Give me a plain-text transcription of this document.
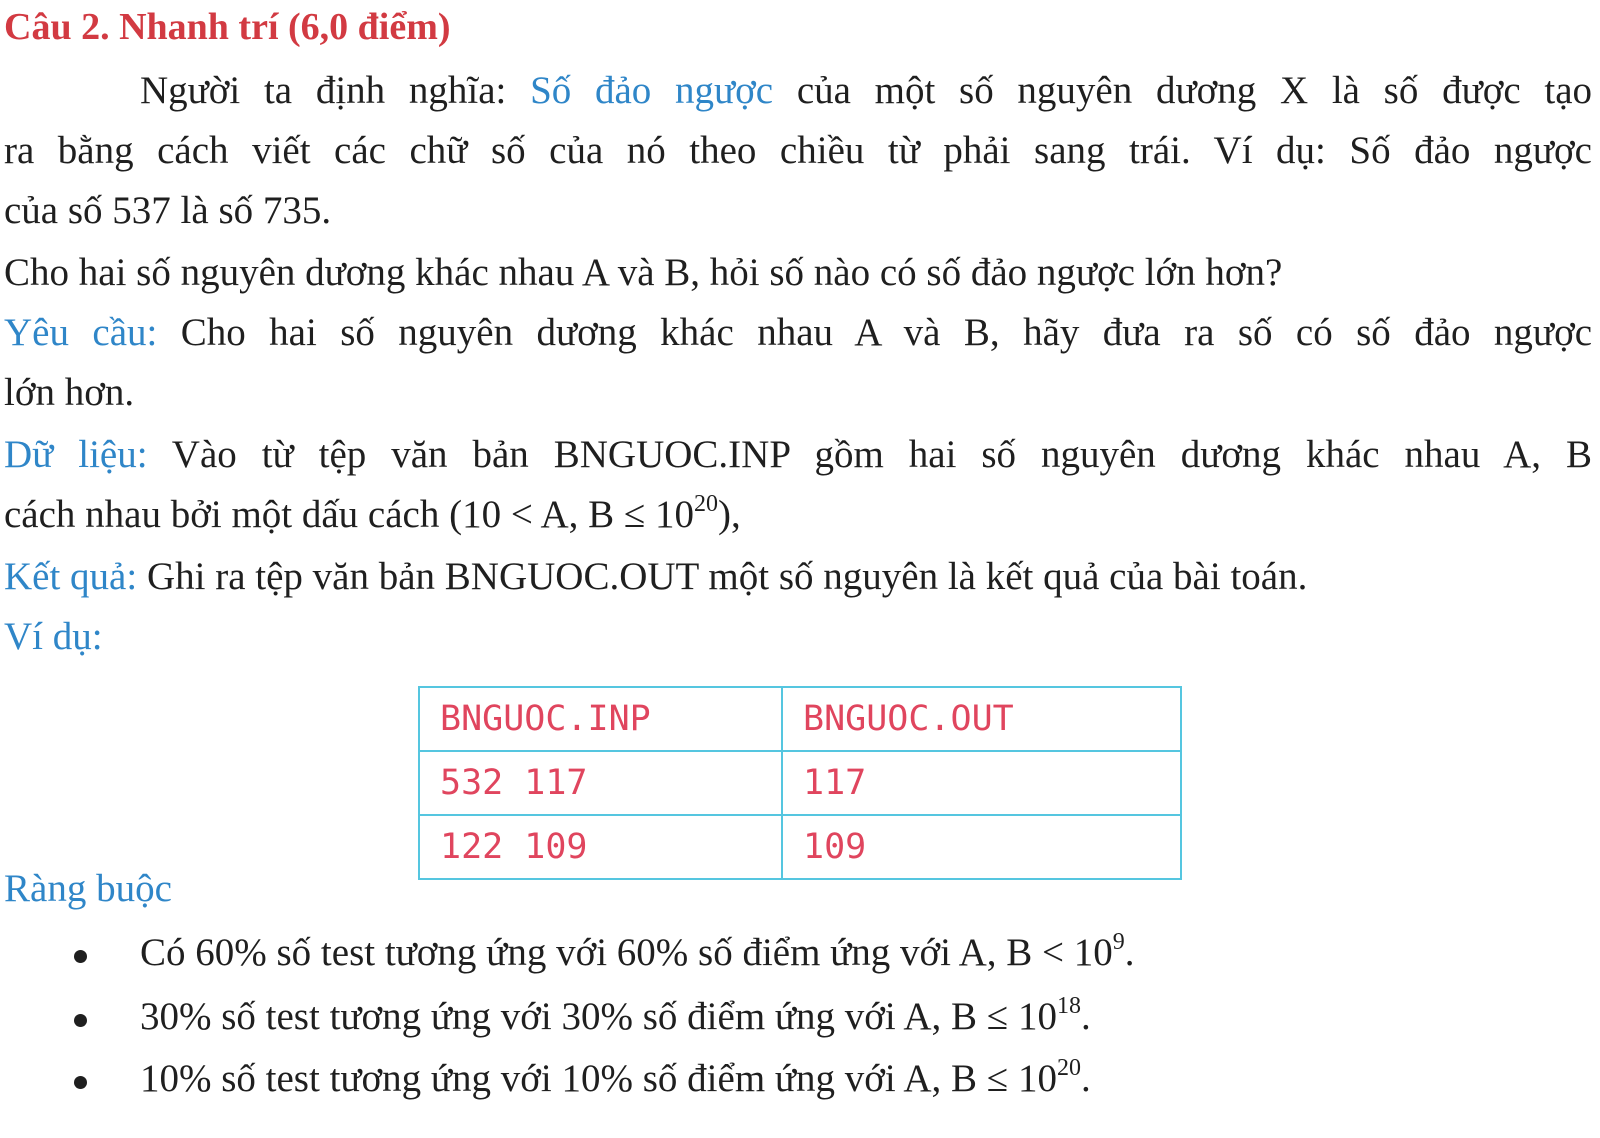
Câu 2. Nhanh trí (6,0 điểm)
Người ta định nghĩa: Số đảo ngược của một số nguyên dương X là số được tạo
ra bằng cách viết các chữ số của nó theo chiều từ phải sang trái. Ví dụ: Số đảo ngược
của số 537 là số 735.
Cho hai số nguyên dương khác nhau A và B, hỏi số nào có số đảo ngược lớn hơn?
Yêu cầu: Cho hai số nguyên dương khác nhau A và B, hãy đưa ra số có số đảo ngược
lớn hơn.
Dữ liệu: Vào từ tệp văn bản BNGUOC.INP gồm hai số nguyên dương khác nhau A, B
cách nhau bởi một dấu cách (10 < A, $B \le 10^{20}$),
Kết quả: Ghi ra tệp văn bản BNGUOC.OUT một số nguyên là kết quả của bài toán.
Ví dụ:
BNGUOC.INP	BNGUOC.OUT
532 117	117
122 109	109
Ràng buộc
Có 60% số test tương ứng với 60% số điểm ứng với A, $B < 10^9$.
30% số test tương ứng với 30% số điểm ứng với A, $B \le 10^{18}$.
10% số test tương ứng với 10% số điểm ứng với A, $B \le 10^{20}$.
